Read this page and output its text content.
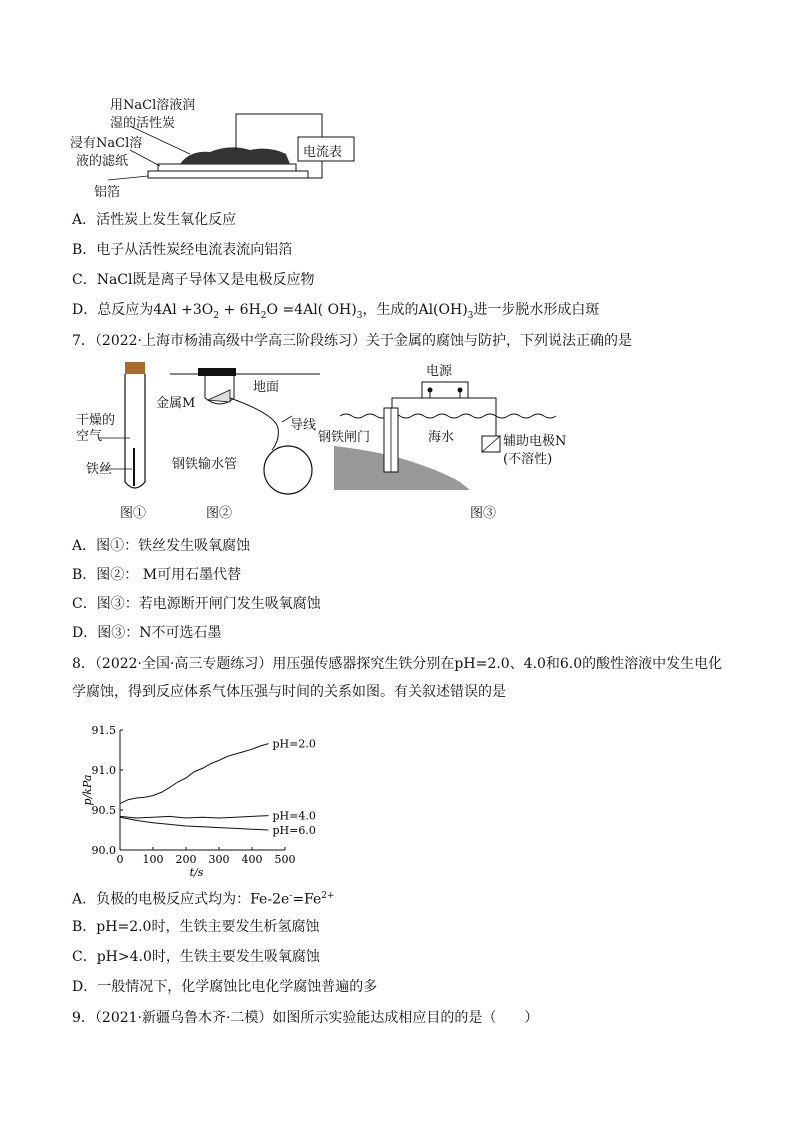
用NaCl溶液润
湿的活性炭
浸有NaCl溶
液的滤纸
铝箔
电流表
A．活性炭上发生氧化反应
B．电子从活性炭经电流表流向铝箔
C．NaCl既是离子导体又是电极反应物
D．总反应为$4Al +3O_2 + 6H_2O =4Al$( $OH)_3$，生成的$Al(OH)_3$进一步脱水形成白斑
7．（2022·上海市杨浦高级中学高三阶段练习）关于金属的腐蚀与防护，下列说法正确的是
干燥的
空气
铁丝
图①
地面
金属M
导线
钢铁输水管
图②
电源
钢铁闸门	海水	辅助电极N
(不溶性)
图③
A．图①：铁丝发生吸氧腐蚀
B．图②： M可用石墨代替
C．图③：若电源断开闸门发生吸氧腐蚀
D．图③：N不可选石墨
8．（2022·全国·高三专题练习）用压强传感器探究生铁分别在pH=2.0、4.0和6.0的酸性溶液中发生电化
学腐蚀，得到反应体系气体压强与时间的关系如图。有关叙述错误的是
0 100 200 300 400 500
90.0
90.5
91.0
91.5
t/s
p/kPa
pH=2.0
pH=4.0
pH=6.0
A．负极的电极反应式均为：$Fe-2e^-=Fe^{2+}$
B．pH=2.0时，生铁主要发生析氢腐蚀
C．pH>4.0时，生铁主要发生吸氧腐蚀
D．一般情况下，化学腐蚀比电化学腐蚀普遍的多
9．（2021·新疆乌鲁木齐·二模）如图所示实验能达成相应目的的是（　　）
